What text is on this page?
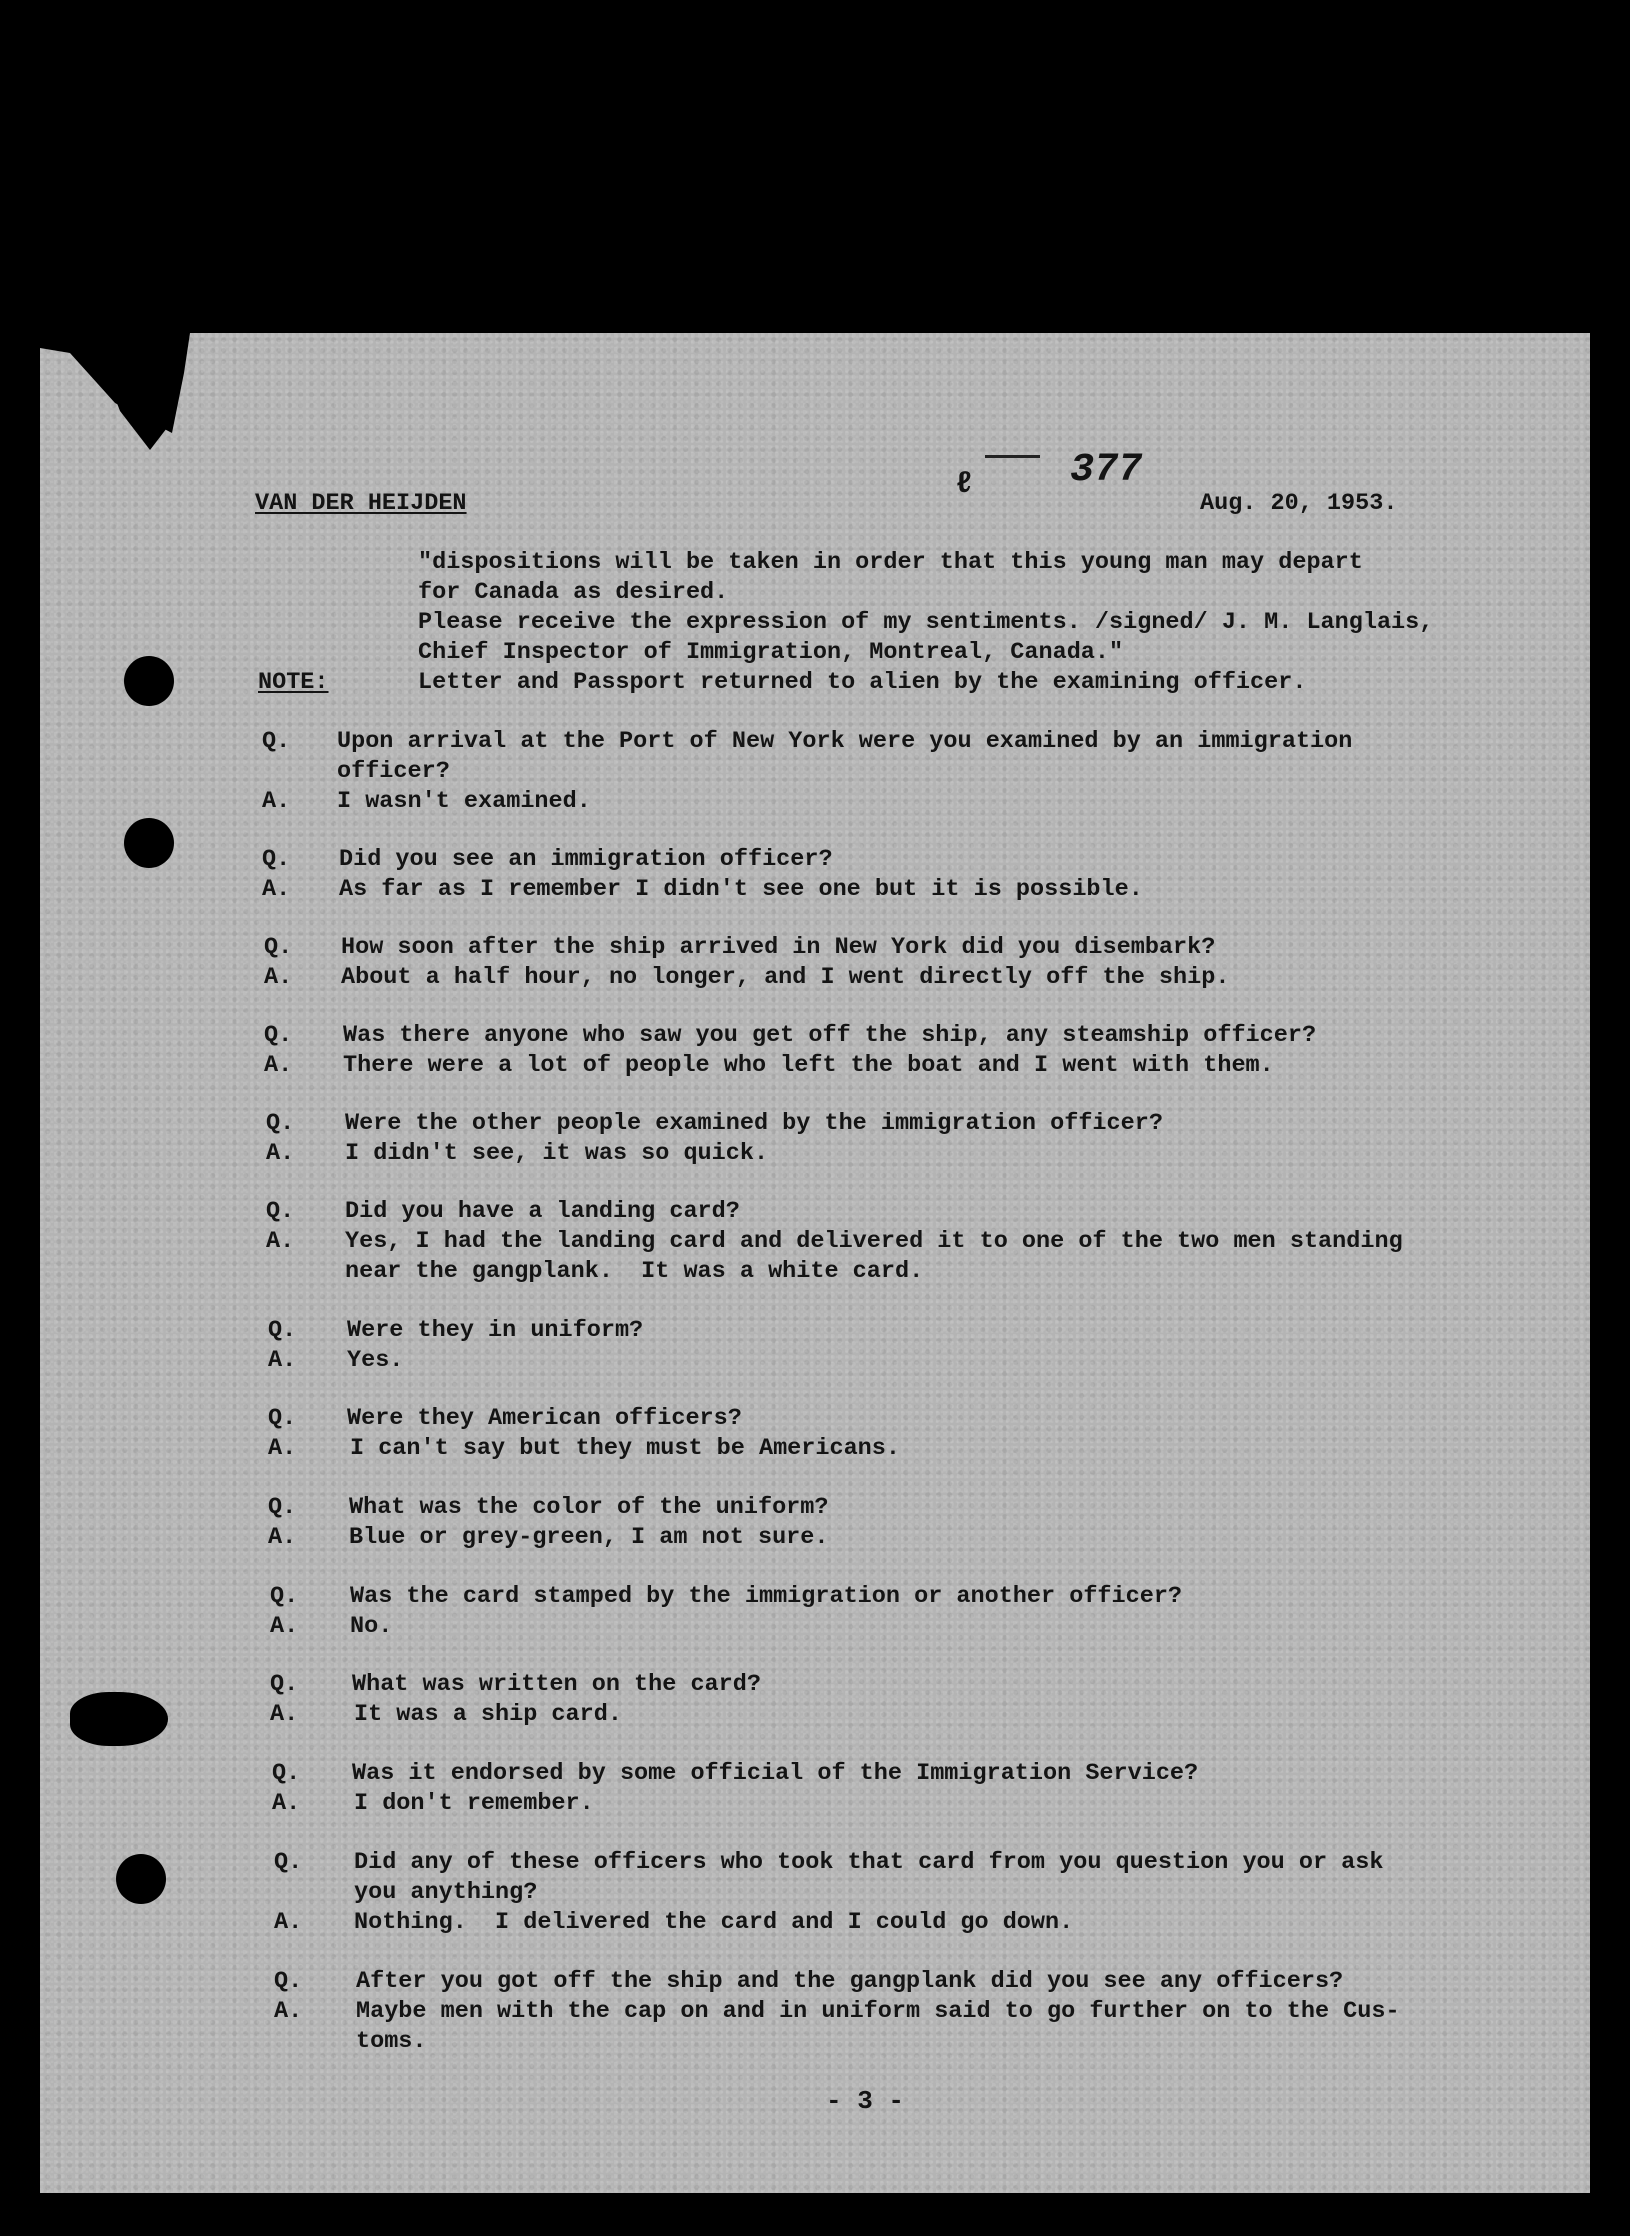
VAN DER HEIJDEN
ℓ 377
Aug. 20, 1953.
"dispositions will be taken in order that this young man may depart
for Canada as desired.
Please receive the expression of my sentiments. /signed/ J. M. Langlais,
Chief Inspector of Immigration, Montreal, Canada."
NOTE:	Letter and Passport returned to alien by the examining officer.
Q. Upon arrival at the Port of New York were you examined by an immigration
officer?
A. I wasn't examined.
Q. Did you see an immigration officer?
A. As far as I remember I didn't see one but it is possible.
Q. How soon after the ship arrived in New York did you disembark?
A. About a half hour, no longer, and I went directly off the ship.
Q. Was there anyone who saw you get off the ship, any steamship officer?
A. There were a lot of people who left the boat and I went with them.
Q. Were the other people examined by the immigration officer?
A. I didn't see, it was so quick.
Q. Did you have a landing card?
A. Yes, I had the landing card and delivered it to one of the two men standing
near the gangplank.  It was a white card.
Q. Were they in uniform?
A. Yes.
Q. Were they American officers?
A. I can't say but they must be Americans.
Q. What was the color of the uniform?
A. Blue or grey-green, I am not sure.
Q. Was the card stamped by the immigration or another officer?
A. No.
Q. What was written on the card?
A. It was a ship card.
Q. Was it endorsed by some official of the Immigration Service?
A. I don't remember.
Q. Did any of these officers who took that card from you question you or ask
you anything?
A. Nothing.  I delivered the card and I could go down.
Q. After you got off the ship and the gangplank did you see any officers?
A. Maybe men with the cap on and in uniform said to go further on to the Cus-
toms.
- 3 -
